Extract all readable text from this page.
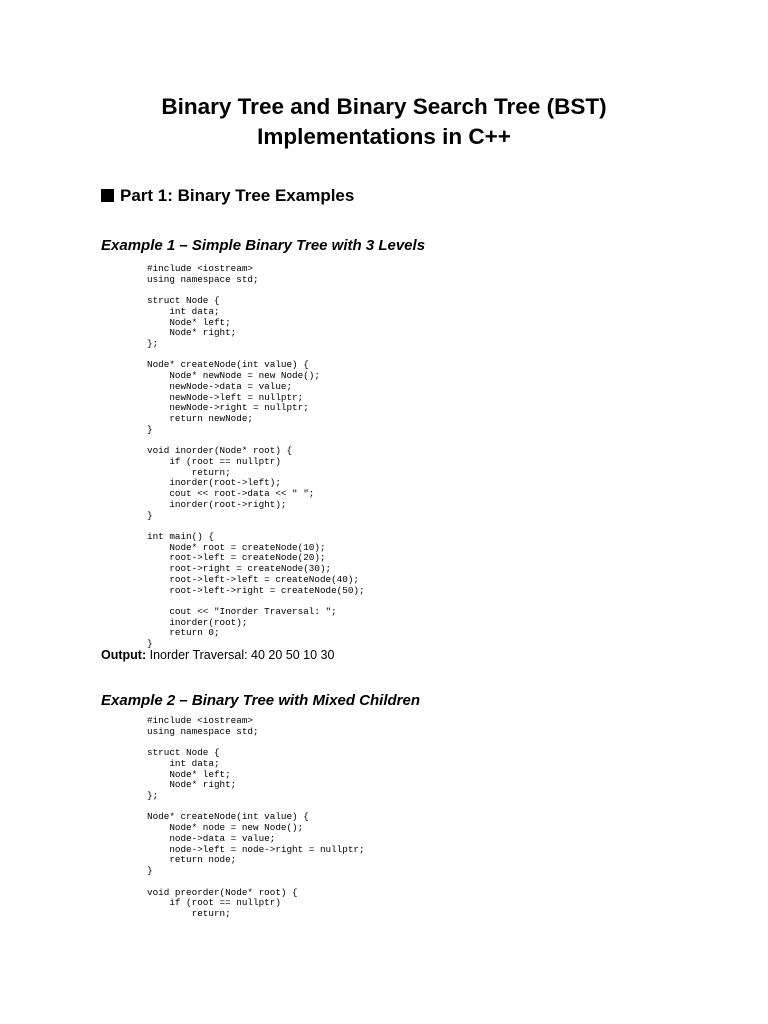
Binary Tree and Binary Search Tree (BST)
Implementations in C++
Part 1: Binary Tree Examples
Example 1 – Simple Binary Tree with 3 Levels
#include <iostream>
using namespace std;

struct Node {
int data;
Node* left;
Node* right;
};

Node* createNode(int value) {
Node* newNode = new Node();
newNode->data = value;
newNode->left = nullptr;
newNode->right = nullptr;
return newNode;
}

void inorder(Node* root) {
if (root == nullptr)
return;
inorder(root->left);
cout << root->data << " ";
inorder(root->right);
}

int main() {
Node* root = createNode(10);
root->left = createNode(20);
root->right = createNode(30);
root->left->left = createNode(40);
root->left->right = createNode(50);

cout << "Inorder Traversal: ";
inorder(root);
return 0;
}
Output: Inorder Traversal: 40 20 50 10 30
Example 2 – Binary Tree with Mixed Children
#include <iostream>
using namespace std;

struct Node {
int data;
Node* left;
Node* right;
};

Node* createNode(int value) {
Node* node = new Node();
node->data = value;
node->left = node->right = nullptr;
return node;
}

void preorder(Node* root) {
if (root == nullptr)
return;
